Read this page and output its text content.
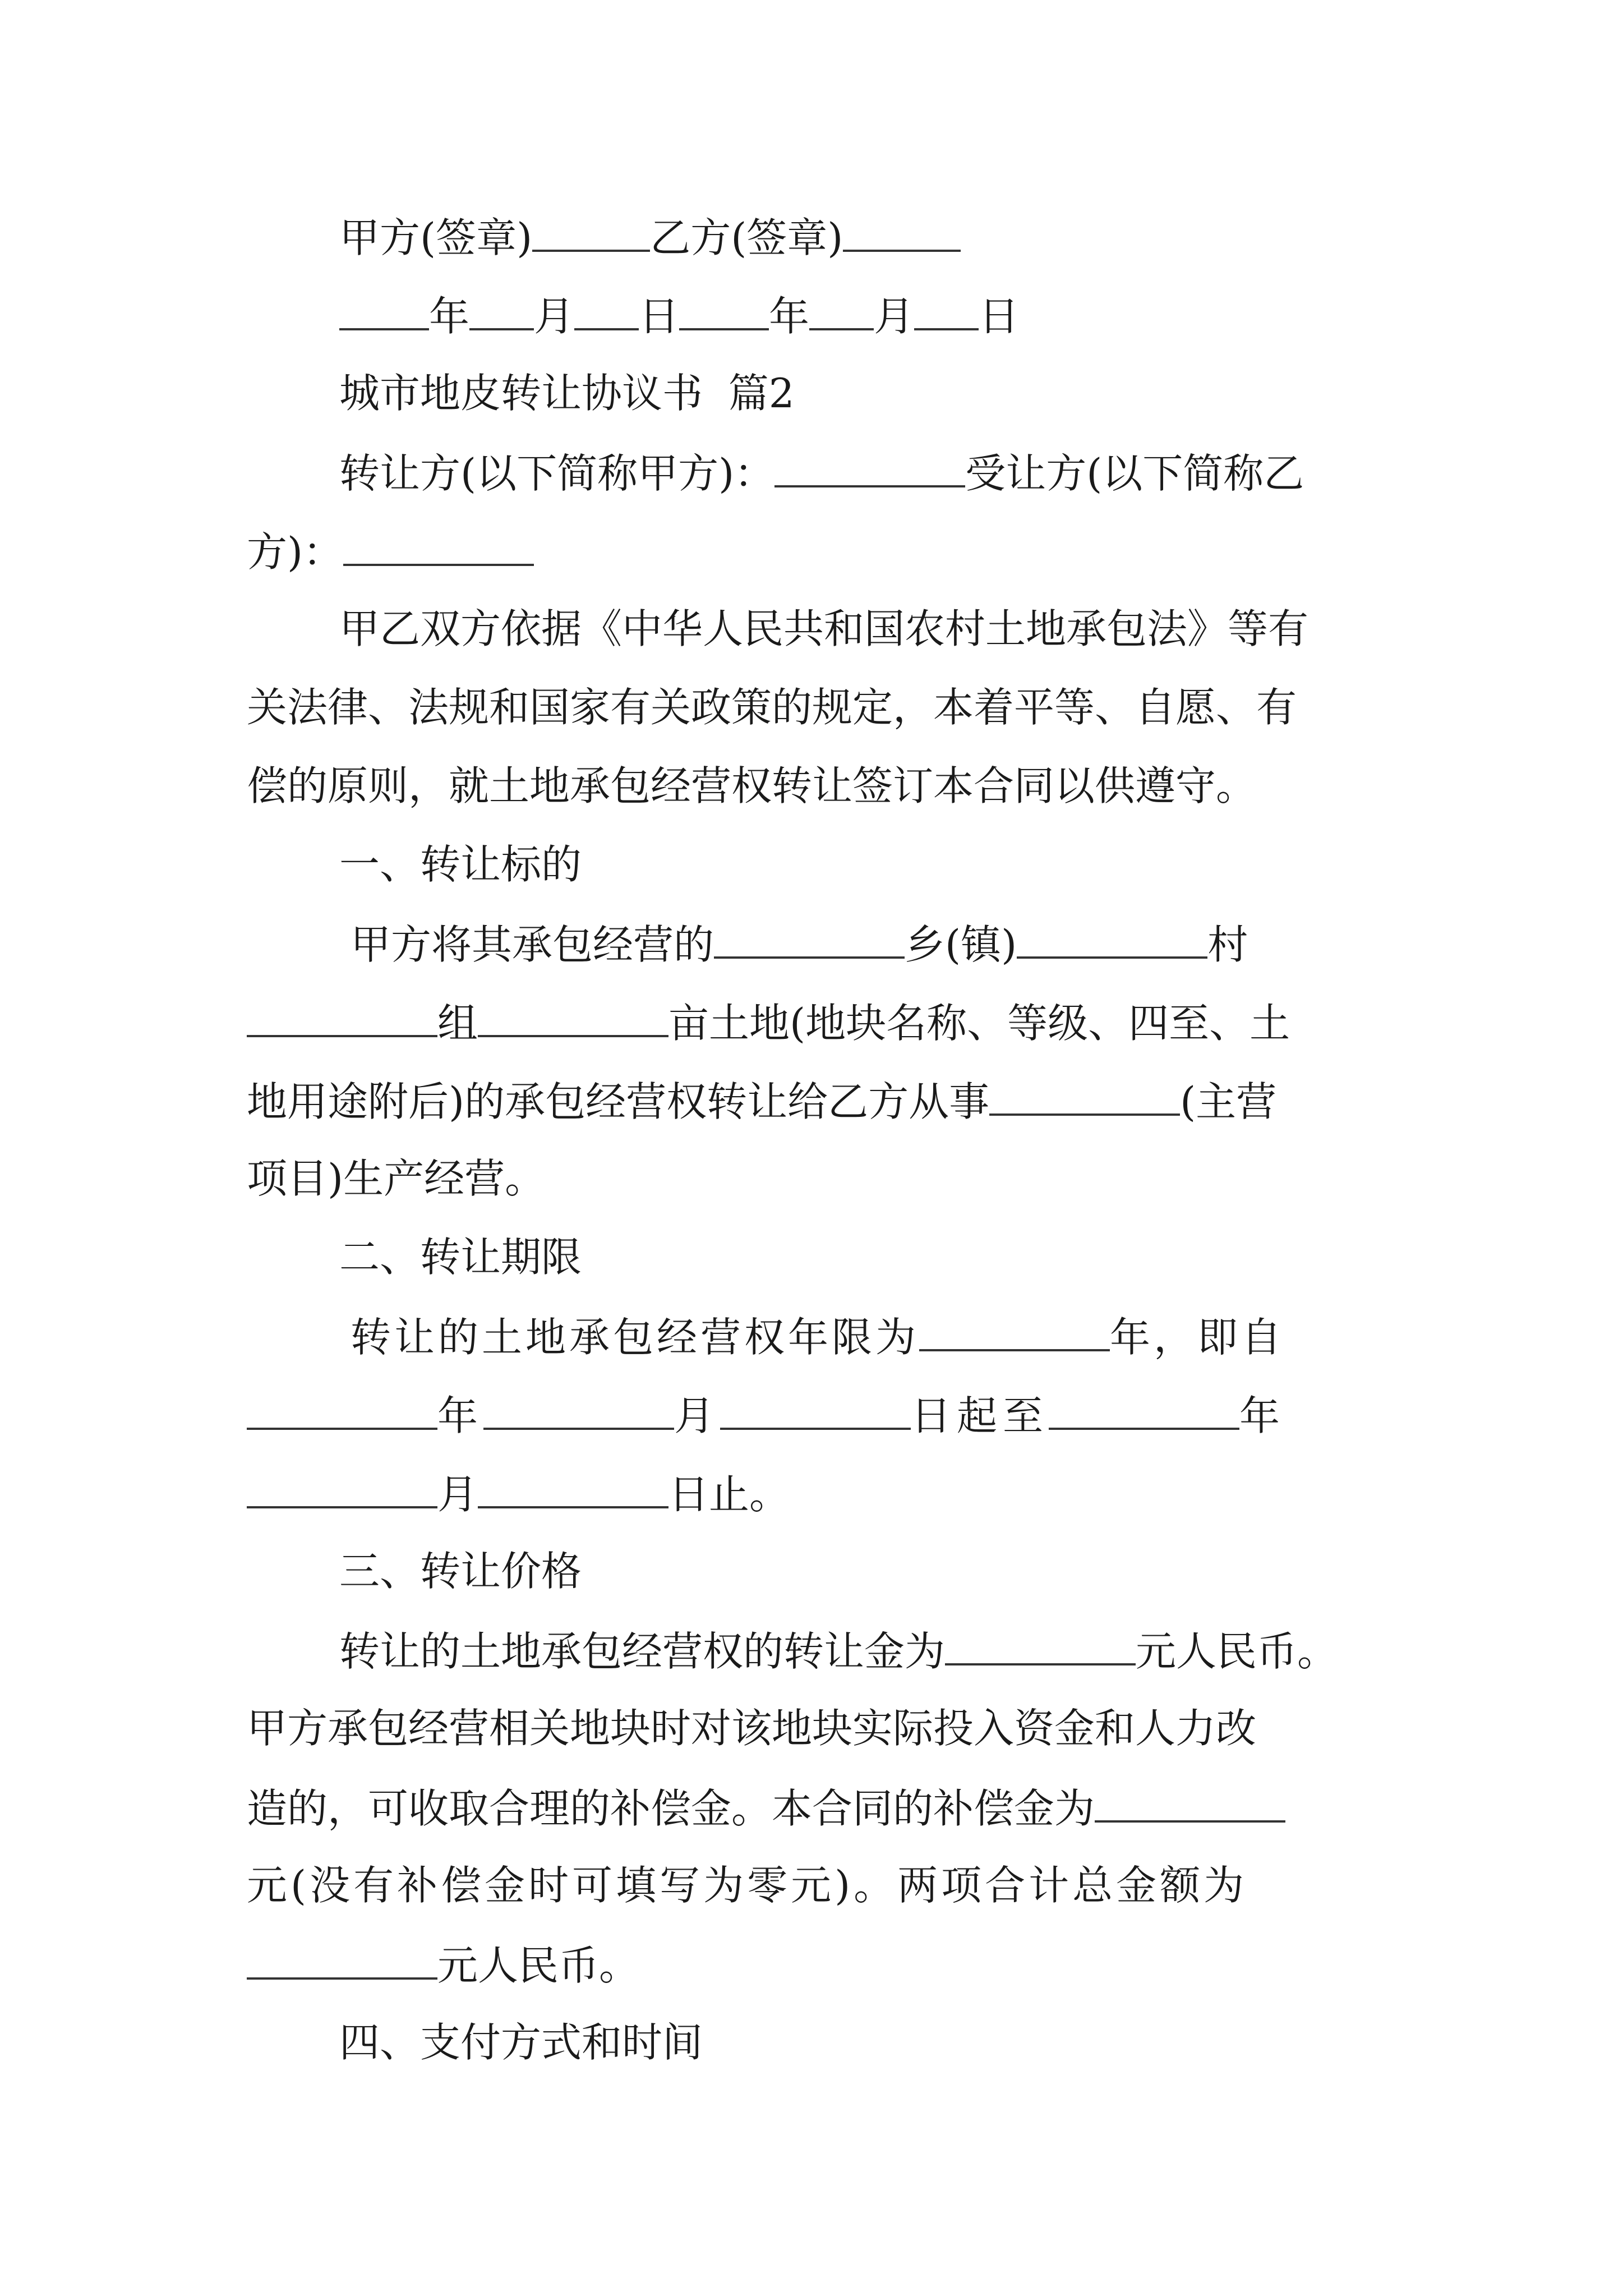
甲方(签章)	乙方(签章)
年 月 日 年 月 日
城市地皮转让协议书  篇2
转让方(以下简称甲方)：	受让方(以下简称乙
方)：
甲乙双方依据《中华人民共和国农村土地承包法》等有
关法律、法规和国家有关政策的规定，本着平等、自愿、有
偿的原则，就土地承包经营权转让签订本合同以供遵守。
一、转让标的
甲方将其承包经营的	乡(镇)	村
组	亩土地(地块名称、等级、四至、土
地用途附后)的承包经营权转让给乙方从事	(主营
项目)生产经营。
二、转让期限
转让的土地承包经营权年限为	年，即自
年	月	日起至	年
月	日止。
三、转让价格
转让的土地承包经营权的转让金为	元人民币。
甲方承包经营相关地块时对该地块实际投入资金和人力改
造的，可收取合理的补偿金。本合同的补偿金为
元(没有补偿金时可填写为零元)。两项合计总金额为
元人民币。
四、支付方式和时间
